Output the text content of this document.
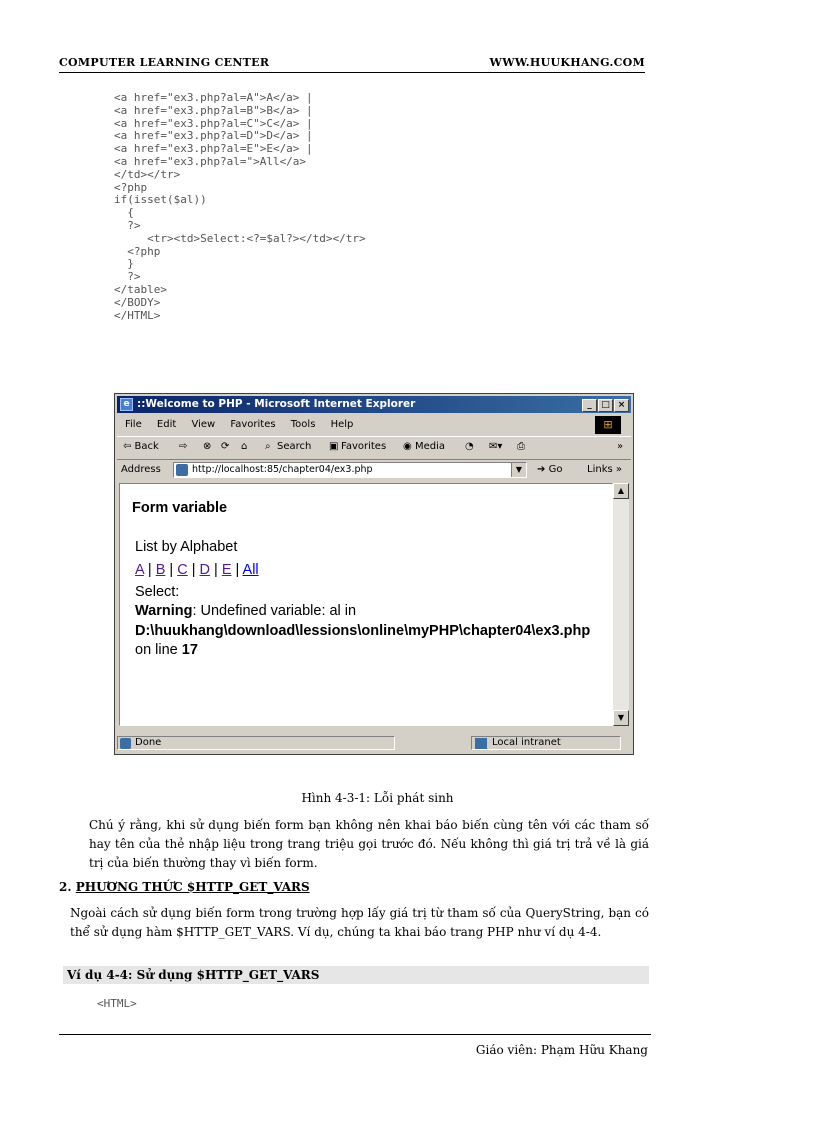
COMPUTER LEARNING CENTER	WWW.HUUKHANG.COM
<a href="ex3.php?al=A">A</a> |
<a href="ex3.php?al=B">B</a> |
<a href="ex3.php?al=C">C</a> |
<a href="ex3.php?al=D">D</a> |
<a href="ex3.php?al=E">E</a> |
<a href="ex3.php?al=">All</a>
</td></tr>
<?php
if(isset($al))
{
?>
<tr><td>Select:<?=$al?></td></tr>
<?php
}
?>
</table>
</BODY>
</HTML>
e ::Welcome to PHP - Microsoft Internet Explorer	_ □ ×
File Edit View Favorites Tools Help	⊞
⇦ Back ⇨ ⊗ ⟳ ⌂ ⌕ Search ▣ Favorites ◉ Media ◔ ✉▾ ⎙	»
Address	http://localhost:85/chapter04/ex3.php	▼	➔ Go Links »
Form variable
List by Alphabet
A | B | C | D | E | All
Select:
Warning: Undefined variable: al in
D:\huukhang\download\lessions\online\myPHP\chapter04\ex3.php on line 17
▲
▼
Done	Local intranet
Hình 4-3-1: Lỗi phát sinh
Chú ý rằng, khi sử dụng biến form bạn không nên khai báo biến cùng tên với các tham số hay tên của thẻ nhập liệu trong trang triệu gọi trước đó. Nếu không thì giá trị trả về là giá trị của biến thường thay vì biến form.
2. PHƯƠNG THỨC $HTTP_GET_VARS
Ngoài cách sử dụng biến form trong trường hợp lấy giá trị từ tham số của QueryString, bạn có thể sử dụng hàm $HTTP_GET_VARS. Ví dụ, chúng ta khai báo trang PHP như ví dụ 4-4.
Ví dụ 4-4: Sử dụng $HTTP_GET_VARS
<HTML>
Giáo viên: Phạm Hữu Khang
